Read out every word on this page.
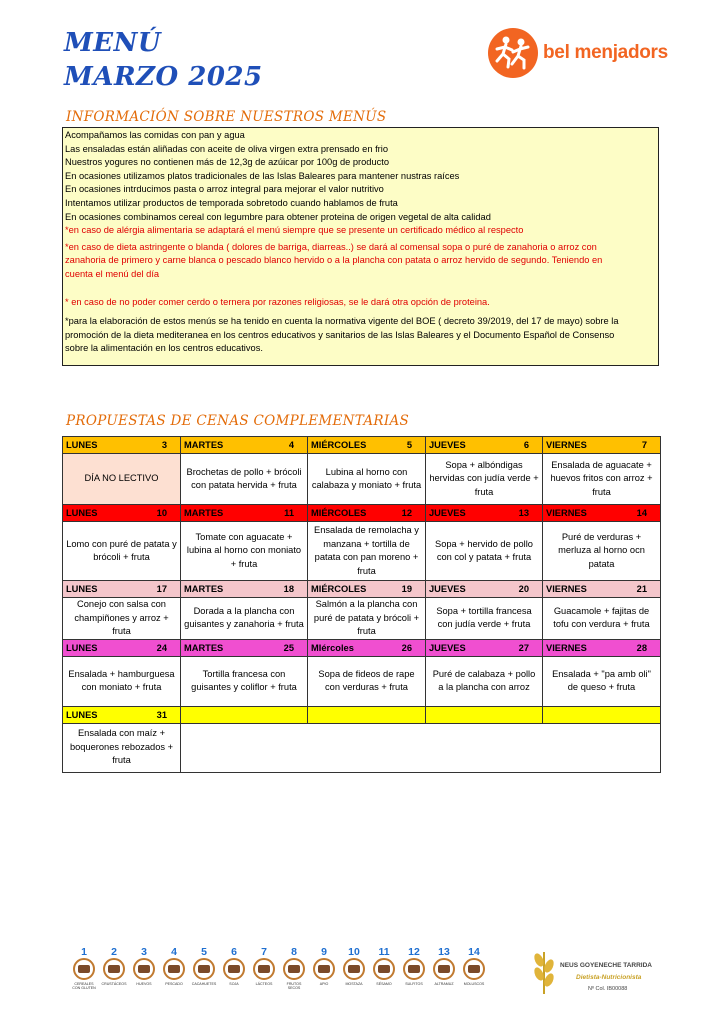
MENÚ
MARZO 2025
bel menjadors
INFORMACIÓN SOBRE NUESTROS MENÚS
Acompañamos las comidas con pan y agua
Las ensaladas están aliñadas con aceite de oliva virgen extra prensado en frio
Nuestros yogures no contienen más de 12,3g de azúicar por 100g de producto
En ocasiones utilizamos platos tradicionales de las Islas Baleares para mantener nustras raíces
En ocasiones intrducimos pasta o arroz integral para mejorar el valor nutritivo
Intentamos utilizar productos de temporada sobretodo cuando hablamos de fruta
En ocasiones combinamos cereal con legumbre para obtener proteina de origen vegetal de alta calidad
*en caso de alérgia alimentaria se adaptará el menú siempre que se presente un certificado médico al respecto
*en caso de dieta astringente o blanda ( dolores de barriga, diarreas..) se dará al comensal sopa o puré de zanahoria o arroz con
zanahoria de primero y carne blanca o pescado blanco hervido o a la plancha con patata o arroz hervido de segundo. Teniendo en
cuenta el menú del día
* en caso de no poder comer cerdo o ternera por razones religiosas, se le dará otra opción de proteina.
*para la elaboración de estos menús se ha tenido en cuenta la normativa vigente del BOE ( decreto 39/2019, del 17 de mayo) sobre la
promoción de la dieta mediteranea en los centros educativos y sanitarios de las Islas Baleares y el Documento Español de Consenso
sobre la alimentación en los centros educativos.
PROPUESTAS DE CENAS COMPLEMENTARIAS
LUNES 3	MARTES 4	MIÉRCOLES 5	JUEVES 6	VIERNES 7

DÍA NO LECTIVO	Brochetas de pollo + brócoli con patata hervida + fruta	Lubina al horno con calabaza y moniato + fruta	Sopa + albóndigas hervidas con judía verde + fruta	Ensalada de aguacate + huevos fritos con arroz + fruta

LUNES 10	MARTES 11	MIÉRCOLES 12	JUEVES 13	VIERNES 14

Lomo con puré de patata y brócoli + fruta	Tomate con aguacate + lubina al horno con moniato + fruta	Ensalada de remolacha y manzana + tortilla de patata con pan moreno + fruta	Sopa + hervido de pollo con col y patata + fruta	Puré de verduras + merluza al horno ocn patata

LUNES 17	MARTES 18	MIÉRCOLES 19	JUEVES 20	VIERNES 21

Conejo con salsa con champiñones y arroz + fruta	Dorada a la plancha con guisantes y zanahoria + fruta	Salmón a la plancha con puré de patata y brócoli + fruta	Sopa + tortilla francesa con judía verde + fruta	Guacamole + fajitas de tofu con verdura + fruta

LUNES 24	MARTES 25	MIércoles 26	JUEVES 27	VIERNES 28

Ensalada + hamburguesa con moniato + fruta	Tortilla francesa con guisantes y coliflor + fruta	Sopa de fideos de rape con verduras + fruta	Puré de calabaza + pollo a la plancha con arroz	Ensalada + "pa amb oli" de queso + fruta

LUNES 31				

Ensalada con maíz + boquerones rebozados + fruta				
1
CEREALES CON GLUTEN
2
CRUSTÁCEOS
3
HUEVOS
4
PESCADO
5
CACAHUETES
6
SOJA
7
LÁCTEOS
8
FRUTOS SECOS
9
APIO
10
MOSTAZA
11
SÉSAMO
12
SULFITOS
13
ALTRAMUZ
14
MOLUSCOS
NEUS GOYENECHE TARRIDA
Dietista-Nutricionista
Nº Col. IB00088
